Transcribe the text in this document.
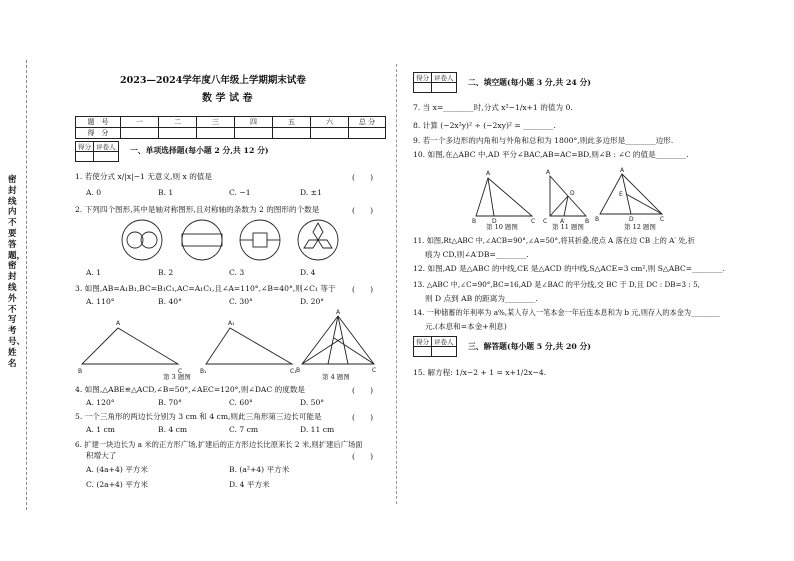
密封线内不要答题，密封线外不写考号、姓名
2023—2024学年度八年级上学期期末试卷
数 学 试 卷
题　号	一	二	三	四	五	六	总 分
得　分							
得分	评卷人
	一、单项选择题(每小题 2 分,共 12 分)
1. 若使分式 x/|x|−1 无意义,则 x 的值是	(　　)
A. 0	B. 1	C. −1	D. ±1
2. 下列四个图形,其中是轴对称图形,且对称轴的条数为 2 的图形的个数是	(　　)
A. 1	B. 2	C. 3	D. 4
3. 如图,AB=A₁B₁,BC=B₁C₁,AC=A₁C₁,且∠A=110°,∠B=40°,则∠C₁ 等于 (　　)
A. 110°	B. 40°	C. 30°	D. 20°
A
B	C
A₁
B₁	C₁
A
B	C
第 3 题图	第 4 题图
4. 如图,△ABE≌△ACD,∠B=50°,∠AEC=120°,则∠DAC 的度数是	(　　)
A. 120°	B. 70°	C. 60°	D. 50°
5. 一个三角形的两边长分别为 3 cm 和 4 cm,则此三角形第三边长可能是	(　　)
A. 1 cm	B. 4 cm	C. 7 cm	D. 11 cm
6. 扩建一块边长为 a 米的正方形广场,扩建后的正方形边长比原来长 2 米,则扩建后广场面
积增大了	(　　)
A. (4a+4) 平方米	B. (a²+4) 平方米
C. (2a+4) 平方米	D. 4 平方米
得分	评卷人
	二、填空题(每小题 3 分,共 24 分)
7. 当 x=________时,分式 x²−1/x+1 的值为 0.
8. 计算 (−2x²y)² ÷ (−2xy)² = ________.
9. 若一个多边形的内角和与外角和总和为 1800°,则此多边形是________边形.
10. 如图,在△ABC 中,AD 平分∠BAC,AB=AC=BD,则∠B : ∠C 的值是________.
A
B	D	C
A
C
D
A′	B
A
E
B	D	C
第 10 题图	第 11 题图	第 12 题图
11. 如图,Rt△ABC 中,∠ACB=90°,∠A=50°,将其折叠,使点 A 落在边 CB 上的 A′ 处,折
痕为 CD,则∠A′DB=________.
12. 如图,AD 是△ABC 的中线,CE 是△ACD 的中线,S△ACE=3 cm²,则 S△ABC=________.
13. △ABC 中,∠C=90°,BC=16,AD 是∠BAC 的平分线,交 BC 于 D,且 DC : DB=3 : 5,
则 D 点到 AB 的距离为________.
14. 一种储蓄的年利率为 a%,某人存入一笔本金一年后连本息和为 b 元,则存入的本金为________
元.(本息和=本金+利息)
得分	评卷人
	三、解答题(每小题 5 分,共 20 分)
15. 解方程: 1/x−2 + 1 = x+1/2x−4.
